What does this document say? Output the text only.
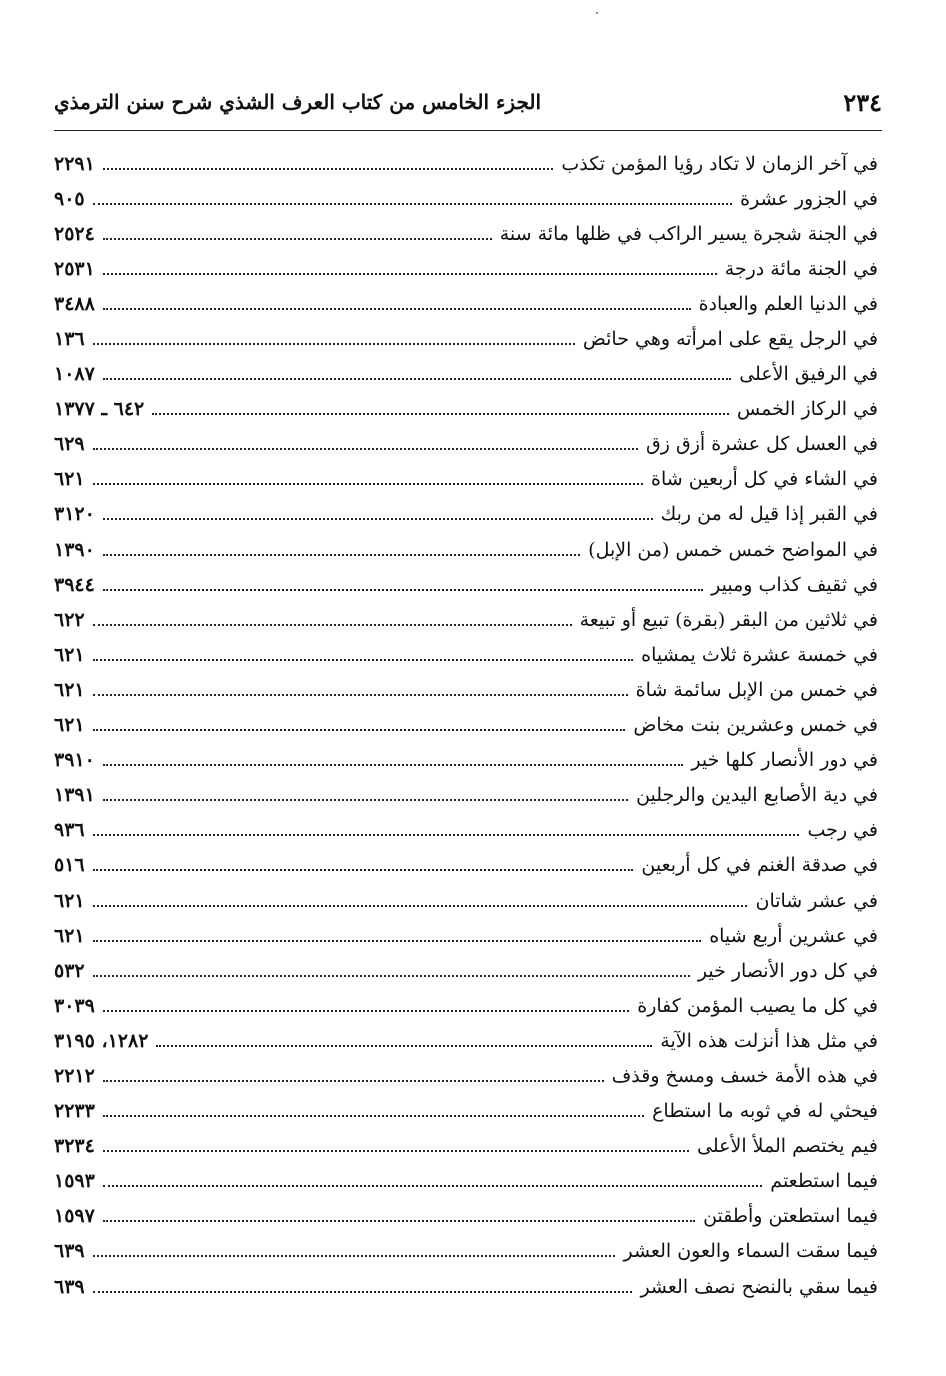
٢٣٤
الجزء الخامس من كتاب العرف الشذي شرح سنن الترمذي
في آخر الزمان لا تكاد رؤيا المؤمن تكذب
٢٢٩١
في الجزور عشرة
٩٠٥
في الجنة شجرة يسير الراكب في ظلها مائة سنة
٢٥٢٤
في الجنة مائة درجة
٢٥٣١
في الدنيا العلم والعبادة
٣٤٨٨
في الرجل يقع على امرأته وهي حائض
١٣٦
في الرفيق الأعلى
١٠٨٧
في الركاز الخمس
٦٤٢ ـ ١٣٧٧
في العسل كل عشرة أزق زق
٦٢٩
في الشاء في كل أربعين شاة
٦٢١
في القبر إذا قيل له من ربك
٣١٢٠
في المواضح خمس خمس (من الإبل)
١٣٩٠
في ثقيف كذاب ومبير
٣٩٤٤
في ثلاثين من البقر (بقرة) تبيع أو تبيعة
٦٢٢
في خمسة عشرة ثلاث يمشياه
٦٢١
في خمس من الإبل سائمة شاة
٦٢١
في خمس وعشرين بنت مخاض
٦٢١
في دور الأنصار كلها خير
٣٩١٠
في دية الأصابع اليدين والرجلين
١٣٩١
في رجب
٩٣٦
في صدقة الغنم في كل أربعين
٥١٦
في عشر شاتان
٦٢١
في عشرين أربع شياه
٦٢١
في كل دور الأنصار خير
٥٣٢
في كل ما يصيب المؤمن كفارة
٣٠٣٩
في مثل هذا أنزلت هذه الآية
١٢٨٢، ٣١٩٥
في هذه الأمة خسف ومسخ وقذف
٢٢١٢
فيحثي له في ثوبه ما استطاع
٢٢٣٣
فيم يختصم الملأ الأعلى
٣٢٣٤
فيما استطعتم
١٥٩٣
فيما استطعتن وأطقتن
١٥٩٧
فيما سقت السماء والعون العشر
٦٣٩
فيما سقي بالنضح نصف العشر
٦٣٩
